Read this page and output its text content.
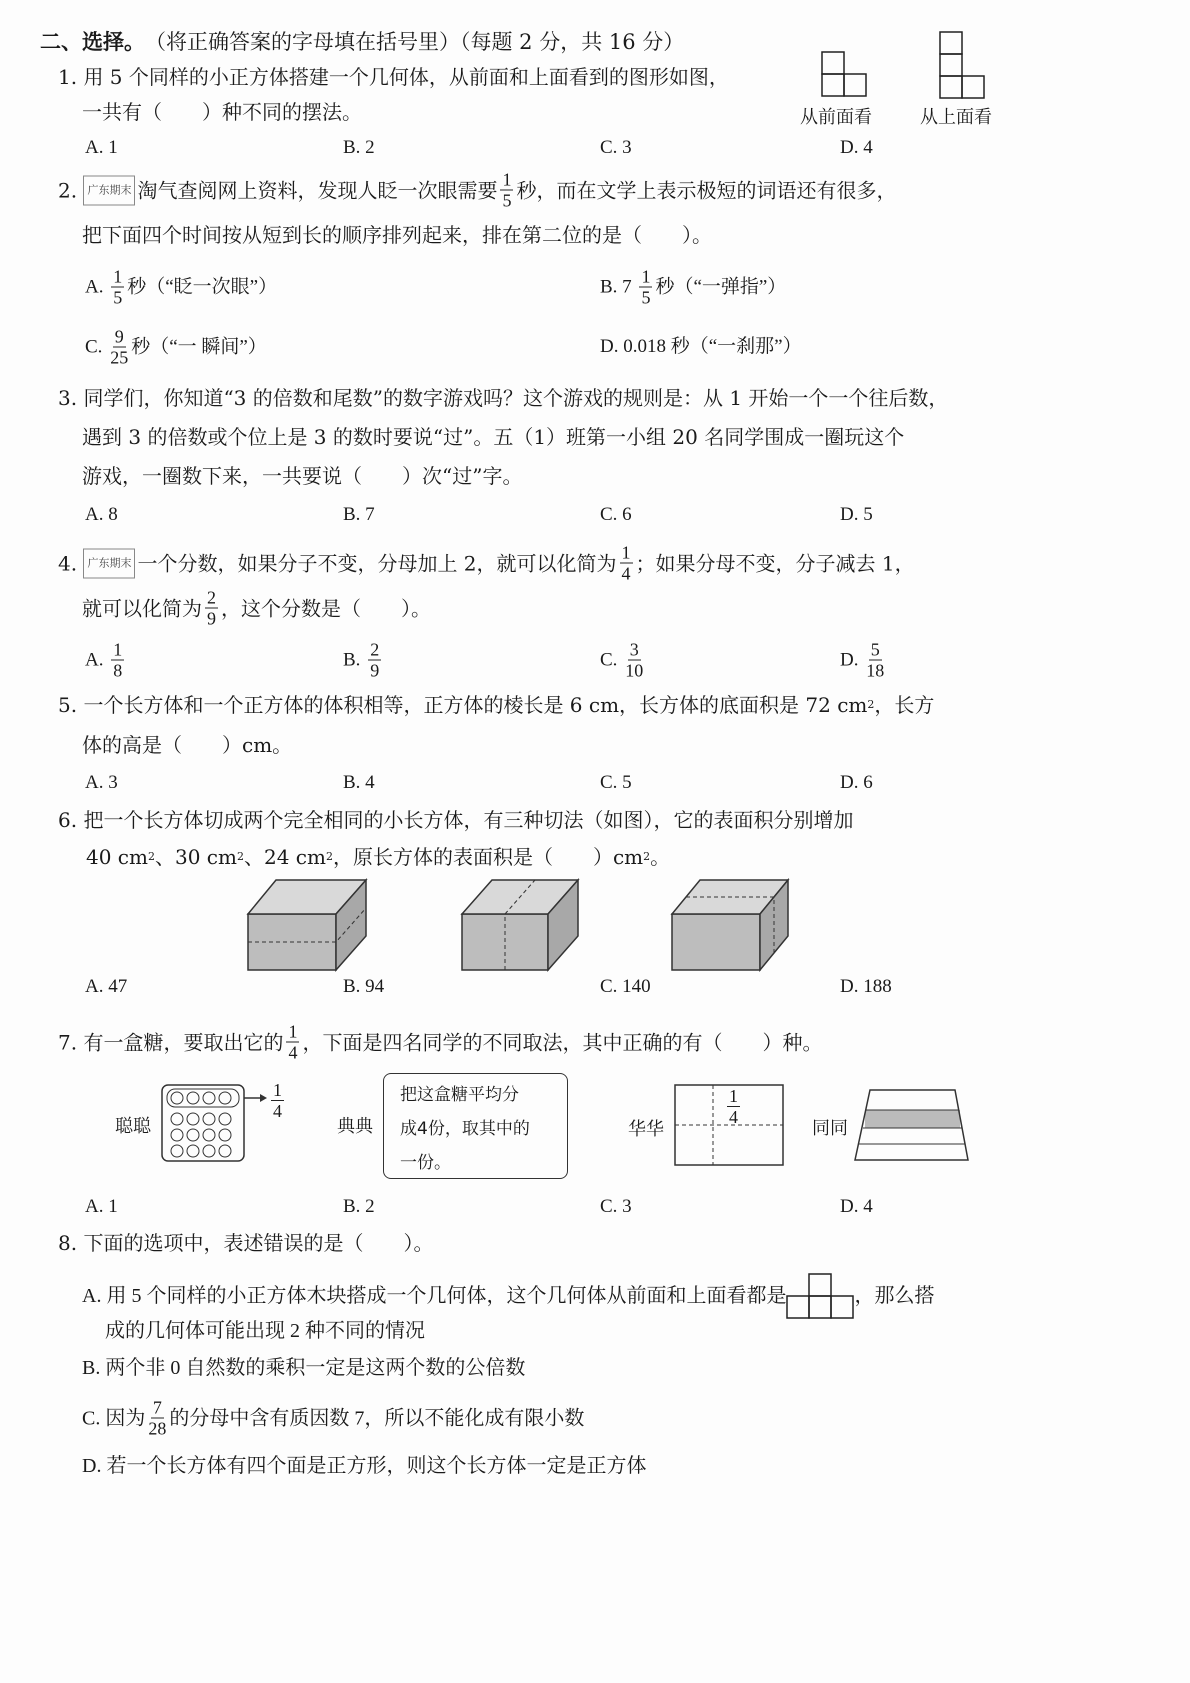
二、选择。 （将正确答案的字母填在括号里）（每题 2 分，共 16 分）
1. 用 5 个同样的小正方体搭建一个几何体，从前面和上面看到的图形如图，
一共有（　　）种不同的摆法。	从前面看	从上面看
A. 1	B. 2	C. 3	D. 4
2. 广东期末 淘气查阅网上资料，发现人眨一次眼需要 $\frac{1}{5}$ 秒，而在文学上表示极短的词语还有很多，
把下面四个时间按从短到长的顺序排列起来，排在第二位的是（　　）。
A. $\frac{1}{5}$ 秒（“眨一次眼”）	B. $7 \frac{1}{5}$ 秒（“一弹指”）
C. $\frac{9}{25}$ 秒（“一 瞬间”）	D. 0.018 秒（“一刹那”）
3. 同学们，你知道“3 的倍数和尾数”的数字游戏吗？这个游戏的规则是：从 1 开始一个一个往后数，
遇到 3 的倍数或个位上是 3 的数时要说“过”。五（1）班第一小组 20 名同学围成一圈玩这个
游戏，一圈数下来，一共要说（　　）次“过”字。
A. 8	B. 7	C. 6	D. 5
4. 广东期末 一个分数，如果分子不变，分母加上 2，就可以化简为 $\frac{1}{4}$ ；如果分母不变，分子减去 1，
就可以化简为 $\frac{2}{9}$ ，这个分数是（　　）。
A. $\frac{1}{8}$	B. $\frac{2}{9}$	C. $\frac{3}{10}$	D. $\frac{5}{18}$
5. 一个长方体和一个正方体的体积相等，正方体的棱长是 6 cm，长方体的底面积是 72 cm 2 ，长方
体的高是（　　）cm。
A. 3	B. 4	C. 5	D. 6
6. 把一个长方体切成两个完全相同的小长方体，有三种切法（如图），它的表面积分别增加
40 cm 2 、30 cm 2 、24 cm 2 ，原长方体的表面积是（　　）cm 2 。
A. 47	B. 94	C. 140	D. 188
7. 有一盒糖，要取出它的 $\frac{1}{4}$ ，下面是四名同学的不同取法，其中正确的有（　　）种。
聪聪
1
4
典典
把这盒糖平均分
成4份，取其中的
一份。
华华
1
4
同同
A. 1	B. 2	C. 3	D. 4
8. 下面的选项中，表述错误的是（　　）。
A. 用 5 个同样的小正方体木块搭成一个几何体，这个几何体从前面和上面看都是	，那么搭
成的几何体可能出现 2 种不同的情况
B. 两个非 0 自然数的乘积一定是这两个数的公倍数
C. 因为 $\frac{7}{28}$ 的分母中含有质因数 7，所以不能化成有限小数
D. 若一个长方体有四个面是正方形，则这个长方体一定是正方体
